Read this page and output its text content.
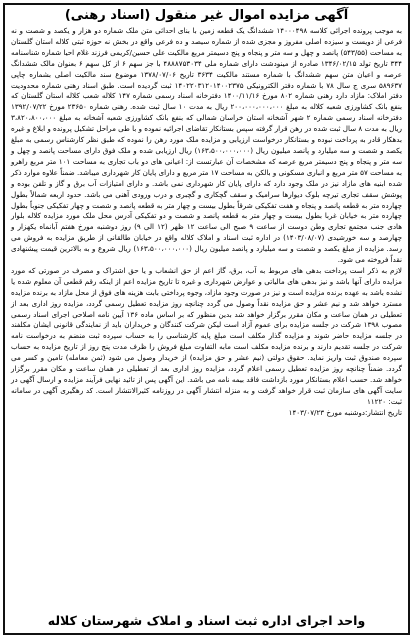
آگهی مزایده اموال غیر منقول (اسناد رهنی)

به موجب پرونده اجرائی کلاسه ۱۴۰۰۰۴۹۸ ششدانگ یک قطعه زمین با بنای احداثی متن ملک شماره دو هزار و یکصد و شصت و نه فرعی از دویست و سیزده اصلی مفروز و مجزی شده از شماره سیصد و ده فرعی واقع در بخش نه حوزه ثبتی کلاله استان گلستان به مساحت (۵۴۳/۵۵) پانصد و چهل و سه متر و پنجاه و پنج دسیمتر مربع مالکیت علی حسین/کریمی فرزند غلام احیا شماره شناسنامه ۳۴۴ تاریخ تولد ۱۳۴۶/۰۲/۱۵ صادره از مینودشت دارای شماره ملی ۴۸۸۸۷۵۳۰۳۴ با جز سهم ۶ از کل سهم ۶ بعنوان مالک ششدانگ عرصه و اعیان متن سهم ششدانگ با شماره مستند مالکیت ۳۶۳۴ تاریخ ۱۳۷۸/۰۷/۰۶ موضوع سند مالکیت اصلی بشماره چاپی ۵۸۹۶۳۷ سری ج سال ۷۸ با شماره دفتر الکترونیکی ۱۴۰۲۲۰۳۱۲۰۱۴۰۰۲۳۷۵ ثبت گردیده است. طبق اسناد رهنی شماره محدودیت دفتر املاک: مازاد دارد رهنی شماره ۸۰۲ مورخ ۱۴۰۰/۱۱/۱۶ دفترخانه اسناد رسمی شماره ۱۴۷ کلاله شعب کلاله استان گلستان که بنفع بانک کشاورزی شعبه کلاله به مبلغ ۲۰۰،۰۰۰،۰۰۰،۰۰۰ ریال به مدت ۱۰ سال ثبت شده. رهنی شماره ۲۳۶۵۰ مورخ ۱۳۹۲/۰۷/۲۲ دفترخانه اسناد رسمی شماره ۲ شهر آشخانه استان خراسان شمالی که بنفع بانک کشاورزی شعبه آشخانه به مبلغ ۳،۸۲۰،۸۰۰،۰۰۰ ریال به مدت ۸ سال ثبت شده در رهن قرار گرفته سپس بستانکار تقاضای اجرائیه نموده و با طی مراحل تشکیل پرونده و ابلاغ و غیره بدهکار قادر به پرداخت نبوده و بستانکار درخواست ارزیابی و مزایده ملک مورد رهن را نموده که طبق نظر کارشناس رسمی به مبلغ یکصد و شصت و سه میلیارد و پانصد میلیون ریال (۱۶۳،۵۰۰،۰۰۰،۰۰۰) ریال ارزیابی شده و ملک فوق دارای مساحت پانصد و چهل و سه متر و پنجاه و پنج دسیمتر مربع عرصه که مشخصات آن عبارتست از: اعیانی های دو باب تجاری به مساحت ۱۰۱ متر مربع راهرو به مساحت ۵۷ متر مربع و انباری مسکونی و بالکن به مساحت ۱۷ متر مربع و دارای پایان کار شهرداری میباشد. ضمناً علاوه موارد ذکر شده ابنیه های مازاد نیز در ملک وجود دارد که دارای پایان کار شهرداری نمی باشد. و دارای امتیازات آب برق و گاز و تلفن بوده و پوشش سقف تجاری تیرچه بلوک دیوارها سرامیک و سقف گچکاری و گچبری و درب ورودی آهنی می باشد. حدود اربعه شمالاً بطول چهارده متر به قطعه پانصد و پنجاه و هفت تفکیکی شرقاً بطول بیست و چهار متر به قطعه پانصد و شصت و چهار تفکیکی جنوباً بطول چهارده متر به خیابان غربا بطول بیست و چهار متر به قطعه پانصد و شصت و دو تفکیکی آدرس محل ملک مورد مزایده کلاله بلوار هادی جنب مجتمع تجاری وطن دوست از ساعت ۹ صبح الی ساعت ۱۲ ظهر (۱۲ الی ۹) روز دوشنبه مورخ هفتم آبانماه یکهزار و چهارصد و سه خورشیدی (۱۴۰۳/۰۸/۰۷) در اداره ثبت اسناد و املاک کلاله واقع در خیابان طالقانی از طریق مزایده به فروش می رسد. مزایده از مبلغ یکصد و شصت و سه میلیارد و پانصد میلیون ریال (۱۶۳،۵۰۰،۰۰۰،۰۰۰) ریال شروع و به بالاترین قیمت پیشنهادی نقداً فروخته می شود.

لازم به ذکر است پرداخت بدهی های مربوط به آب، برق، گاز اعم از حق انشعاب و یا حق اشتراک و مصرف در صورتی که مورد مزایده دارای آنها باشد و نیز بدهی های مالیاتی و عوارض شهرداری و غیره تا تاریخ مزایده اعم از اینکه رقم قطعی آن معلوم شده یا نشده باشد به عهده برنده مزایده است و نیز در صورت وجود مازاد، وجوه پرداختی بابت هزینه های فوق از محل مازاد به برنده مزایده مسترد خواهد شد و نیم عشر و حق مزایده نقداً وصول می گردد چنانچه روز مزایده تعطیل رسمی گردد، مزایده روز اداری بعد از تعطیلی در همان ساعت و مکان مقرر برگزار خواهد شد بدین منظور که بر اساس ماده ۱۳۶ آیین نامه اصلاحی اجرای اسناد رسمی مصوب ۱۳۹۸ شرکت در جلسه مزایده برای عموم آزاد است لیکن شرکت کنندگان و خریداران باید از نمایندگی قانونی ایشان مکلفند در جلسه مزایده حاضر شوند و مزایده گذار مکلف است مبلغ پایه کارشناسی را به حساب سپرده ثبت منضم به درخواست نامه شرکت در جلسه تقدیم دارند و برنده مزایده مکلف است مابه التفاوت مبلغ فروش را ظرف مدت پنج روز از تاریخ مزایده به حساب سپرده صندوق ثبت واریز نماید. حقوق دولتی (نیم عشر و حق مزایده) از خریدار وصول می شود (ثمن معامله) تامین و کسر می گردد. ضمناً چنانچه روز مزایده تعطیل رسمی اعلام گردد، مزایده روز اداری بعد از تعطیلی در همان ساعت و مکان مقرر برگزار خواهد شد. حسب اعلام بستانکار مورد بازداشت فاقد بیمه نامه می باشد. این آگهی پس از تائید نهایی فرآیند مزایده و ارسال آگهی در سایت آگهی های سازمان ثبت قرار خواهد گرفت و به منزله انتشار آگهی در روزنامه کثیرالانتشار است. کد رهگیری آگهی در سامانه ثبت: ۱۱۲۲۰

تاریخ انتشار:دوشنبه مورخ ۱۴۰۳/۰۷/۲۳

واحد اجرای اداره ثبت اسناد و املاک شهرستان کلاله
